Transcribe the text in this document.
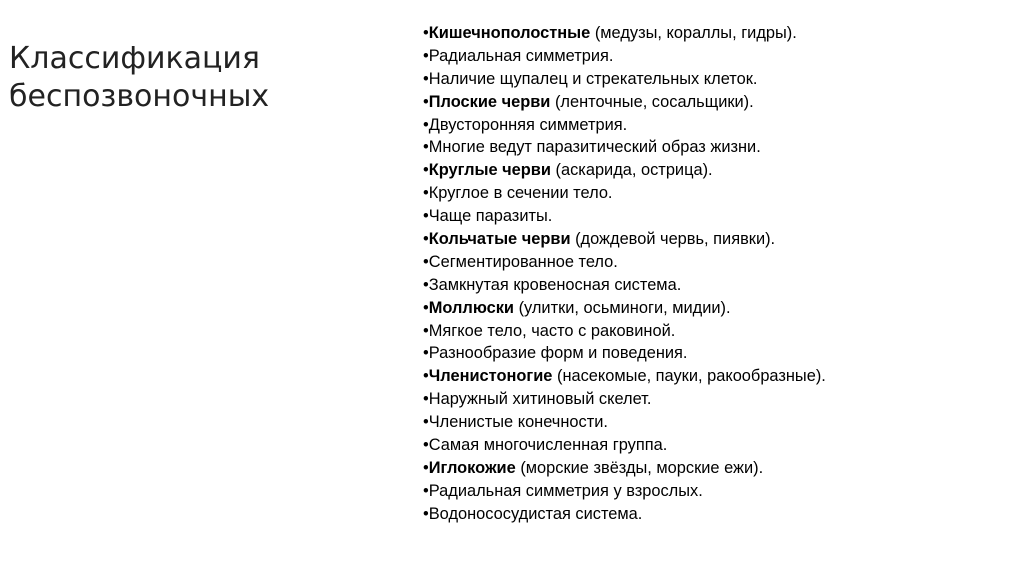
Классификация
беспозвоночных
•Кишечнополостные (медузы, кораллы, гидры).
•Радиальная симметрия.
•Наличие щупалец и стрекательных клеток.
•Плоские черви (ленточные, сосальщики).
•Двусторонняя симметрия.
•Многие ведут паразитический образ жизни.
•Круглые черви (аскарида, острица).
•Круглое в сечении тело.
•Чаще паразиты.
•Кольчатые черви (дождевой червь, пиявки).
•Сегментированное тело.
•Замкнутая кровеносная система.
•Моллюски (улитки, осьминоги, мидии).
•Мягкое тело, часто с раковиной.
•Разнообразие форм и поведения.
•Членистоногие (насекомые, пауки, ракообразные).
•Наружный хитиновый скелет.
•Членистые конечности.
•Самая многочисленная группа.
•Иглокожие (морские звёзды, морские ежи).
•Радиальная симметрия у взрослых.
•Водонососудистая система.
